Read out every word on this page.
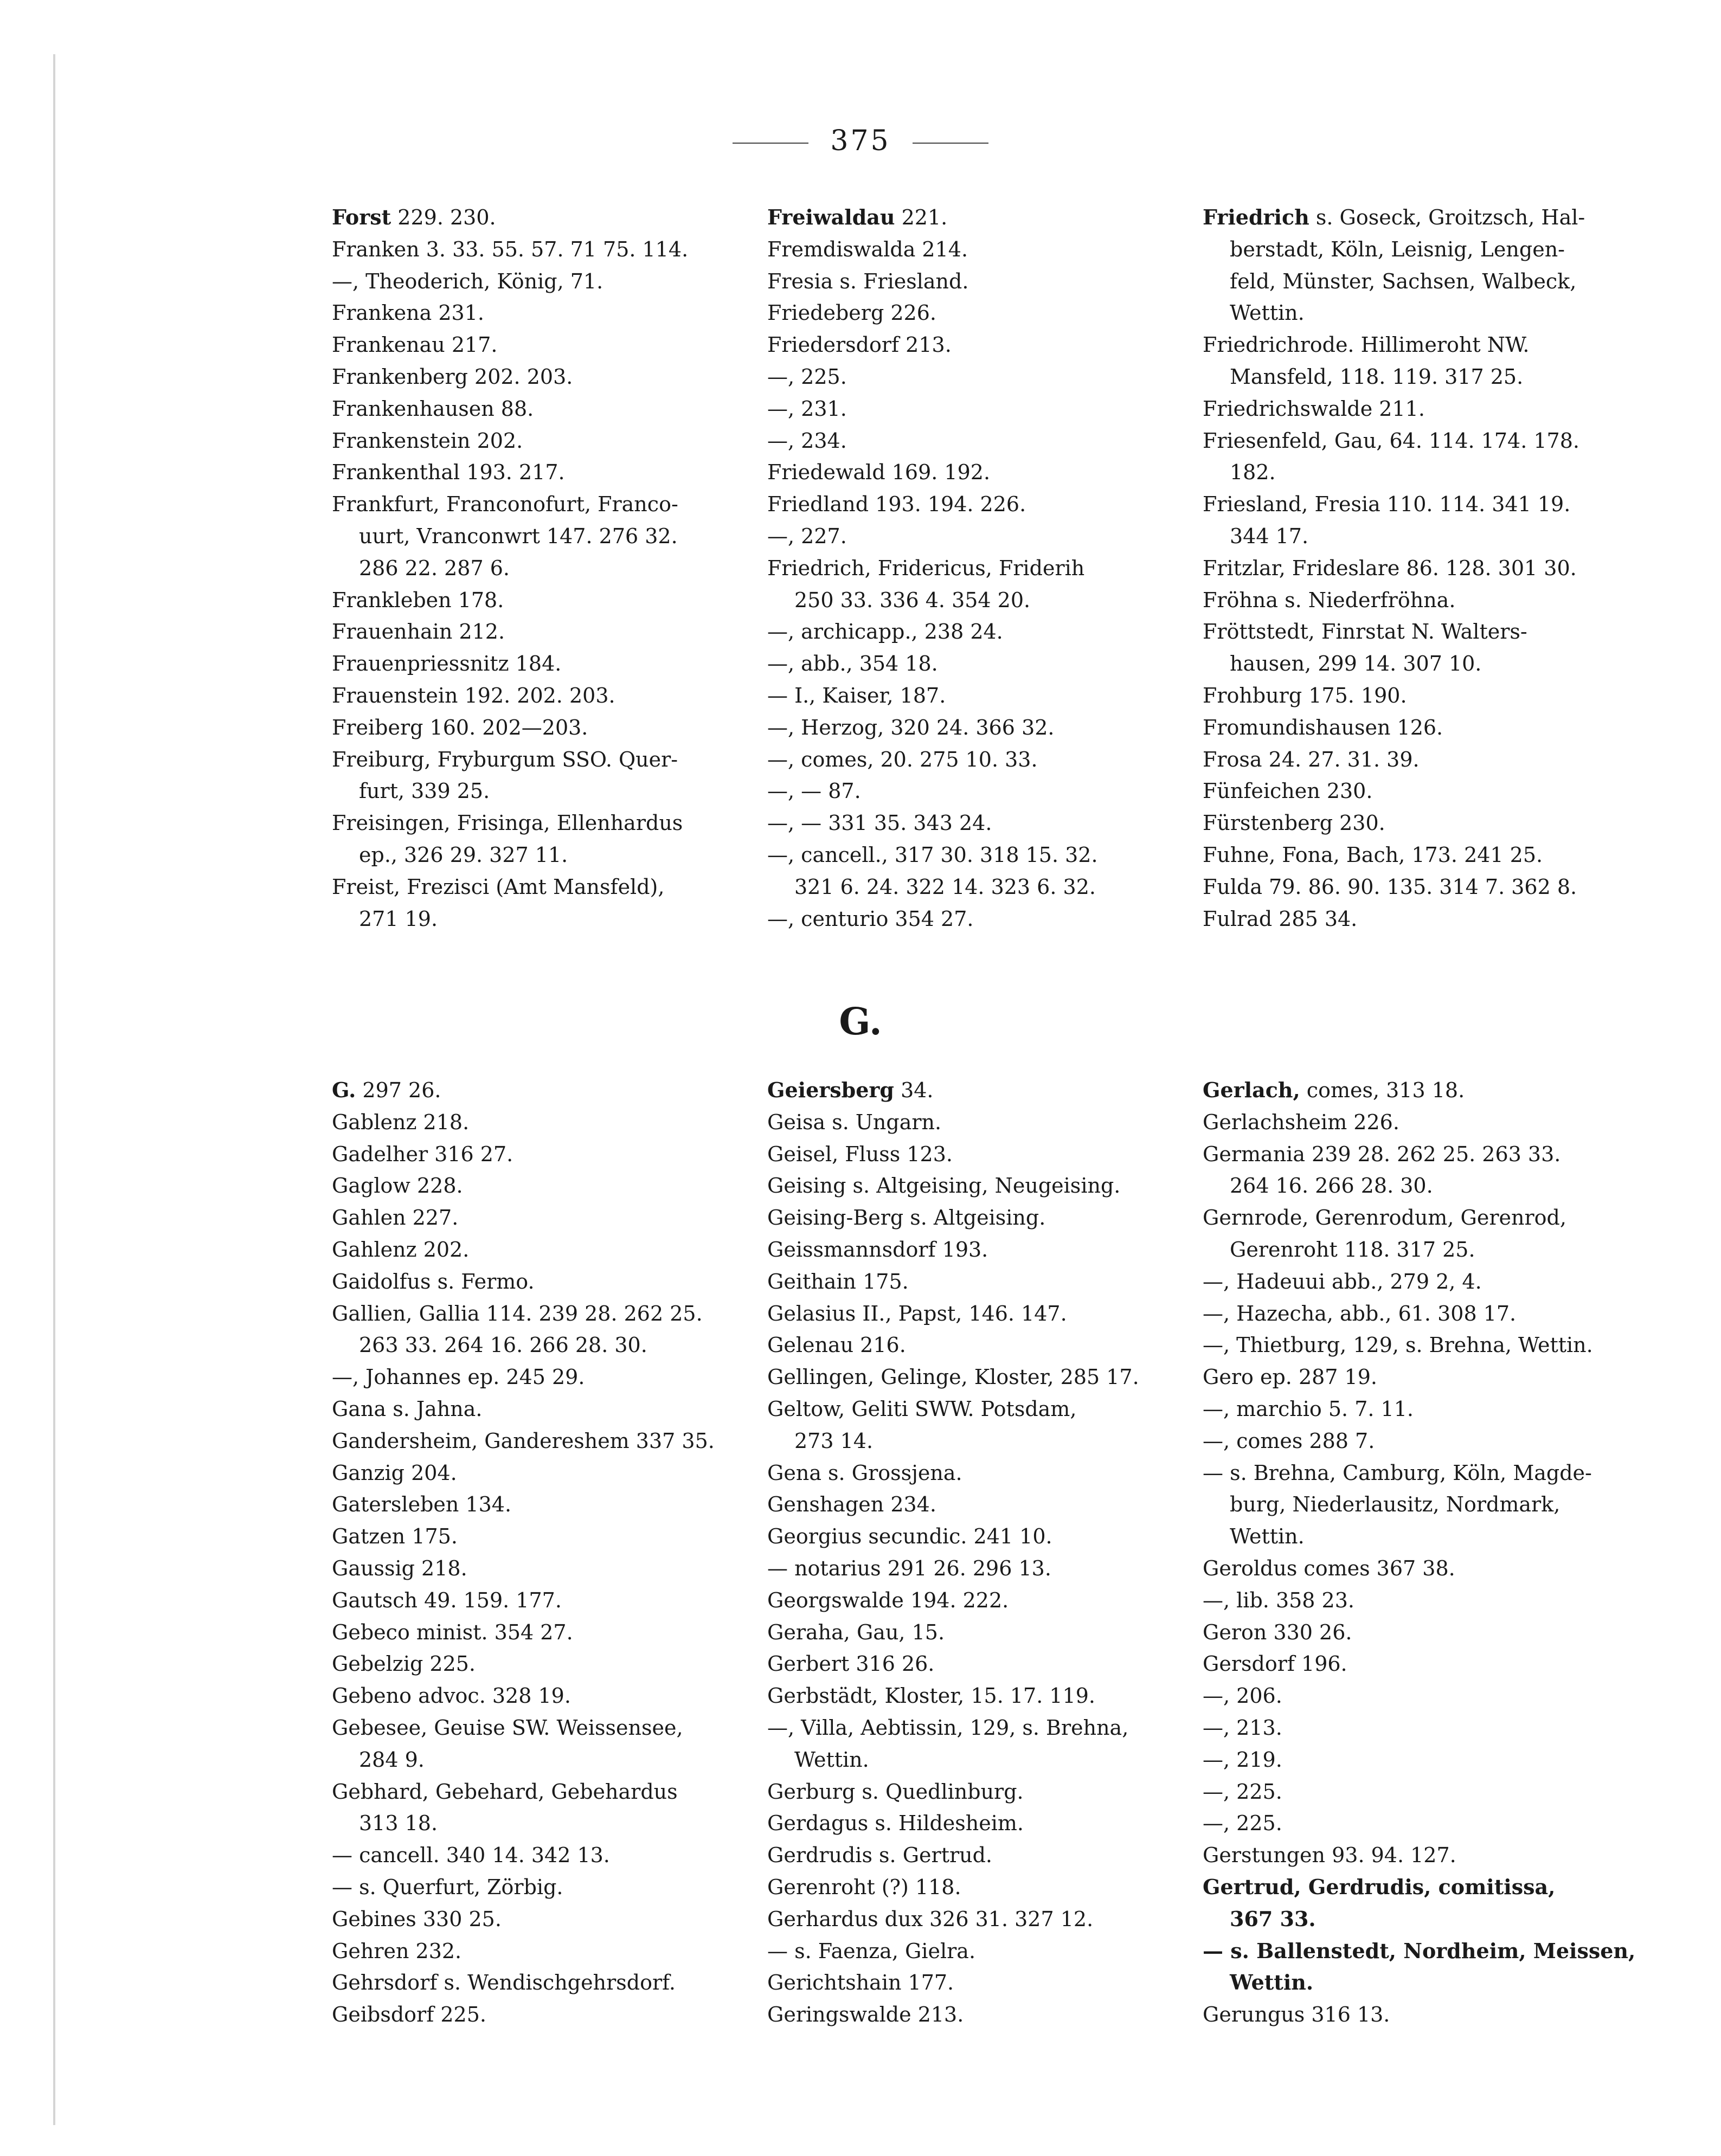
375
Forst 229. 230.
Franken 3. 33. 55. 57. 71 75. 114.
—, Theoderich, König, 71.
Frankena 231.
Frankenau 217.
Frankenberg 202. 203.
Frankenhausen 88.
Frankenstein 202.
Frankenthal 193. 217.
Frankfurt, Franconofurt, Franco-
uurt, Vranconwrt 147. 276 32.
286 22. 287 6.
Frankleben 178.
Frauenhain 212.
Frauenpriessnitz 184.
Frauenstein 192. 202. 203.
Freiberg 160. 202—203.
Freiburg, Fryburgum SSO. Quer-
furt, 339 25.
Freisingen, Frisinga, Ellenhardus
ep., 326 29. 327 11.
Freist, Frezisci (Amt Mansfeld),
271 19.
Freiwaldau 221.
Fremdiswalda 214.
Fresia s. Friesland.
Friedeberg 226.
Friedersdorf 213.
—, 225.
—, 231.
—, 234.
Friedewald 169. 192.
Friedland 193. 194. 226.
—, 227.
Friedrich, Fridericus, Friderih
250 33. 336 4. 354 20.
—, archicapp., 238 24.
—, abb., 354 18.
— I., Kaiser, 187.
—, Herzog, 320 24. 366 32.
—, comes, 20. 275 10. 33.
—, — 87.
—, — 331 35. 343 24.
—, cancell., 317 30. 318 15. 32.
321 6. 24. 322 14. 323 6. 32.
—, centurio 354 27.
Friedrich s. Goseck, Groitzsch, Hal-
berstadt, Köln, Leisnig, Lengen-
feld, Münster, Sachsen, Walbeck,
Wettin.
Friedrichrode. Hillimeroht NW.
Mansfeld, 118. 119. 317 25.
Friedrichswalde 211.
Friesenfeld, Gau, 64. 114. 174. 178.
182.
Friesland, Fresia 110. 114. 341 19.
344 17.
Fritzlar, Frideslare 86. 128. 301 30.
Fröhna s. Niederfröhna.
Fröttstedt, Finrstat N. Walters-
hausen, 299 14. 307 10.
Frohburg 175. 190.
Fromundishausen 126.
Frosa 24. 27. 31. 39.
Fünfeichen 230.
Fürstenberg 230.
Fuhne, Fona, Bach, 173. 241 25.
Fulda 79. 86. 90. 135. 314 7. 362 8.
Fulrad 285 34.
G.
G. 297 26.
Gablenz 218.
Gadelher 316 27.
Gaglow 228.
Gahlen 227.
Gahlenz 202.
Gaidolfus s. Fermo.
Gallien, Gallia 114. 239 28. 262 25.
263 33. 264 16. 266 28. 30.
—, Johannes ep. 245 29.
Gana s. Jahna.
Gandersheim, Gandereshem 337 35.
Ganzig 204.
Gatersleben 134.
Gatzen 175.
Gaussig 218.
Gautsch 49. 159. 177.
Gebeco minist. 354 27.
Gebelzig 225.
Gebeno advoc. 328 19.
Gebesee, Geuise SW. Weissensee,
284 9.
Gebhard, Gebehard, Gebehardus
313 18.
— cancell. 340 14. 342 13.
— s. Querfurt, Zörbig.
Gebines 330 25.
Gehren 232.
Gehrsdorf s. Wendischgehrsdorf.
Geibsdorf 225.
Geiersberg 34.
Geisa s. Ungarn.
Geisel, Fluss 123.
Geising s. Altgeising, Neugeising.
Geising-Berg s. Altgeising.
Geissmannsdorf 193.
Geithain 175.
Gelasius II., Papst, 146. 147.
Gelenau 216.
Gellingen, Gelinge, Kloster, 285 17.
Geltow, Geliti SWW. Potsdam,
273 14.
Gena s. Grossjena.
Genshagen 234.
Georgius secundic. 241 10.
— notarius 291 26. 296 13.
Georgswalde 194. 222.
Geraha, Gau, 15.
Gerbert 316 26.
Gerbstädt, Kloster, 15. 17. 119.
—, Villa, Aebtissin, 129, s. Brehna,
Wettin.
Gerburg s. Quedlinburg.
Gerdagus s. Hildesheim.
Gerdrudis s. Gertrud.
Gerenroht (?) 118.
Gerhardus dux 326 31. 327 12.
— s. Faenza, Gielra.
Gerichtshain 177.
Geringswalde 213.
Gerlach, comes, 313 18.
Gerlachsheim 226.
Germania 239 28. 262 25. 263 33.
264 16. 266 28. 30.
Gernrode, Gerenrodum, Gerenrod,
Gerenroht 118. 317 25.
—, Hadeuui abb., 279 2, 4.
—, Hazecha, abb., 61. 308 17.
—, Thietburg, 129, s. Brehna, Wettin.
Gero ep. 287 19.
—, marchio 5. 7. 11.
—, comes 288 7.
— s. Brehna, Camburg, Köln, Magde-
burg, Niederlausitz, Nordmark,
Wettin.
Geroldus comes 367 38.
—, lib. 358 23.
Geron 330 26.
Gersdorf 196.
—, 206.
—, 213.
—, 219.
—, 225.
—, 225.
Gerstungen 93. 94. 127.
Gertrud, Gerdrudis, comitissa,
367 33.
— s. Ballenstedt, Nordheim, Meissen,
Wettin.
Gerungus 316 13.
